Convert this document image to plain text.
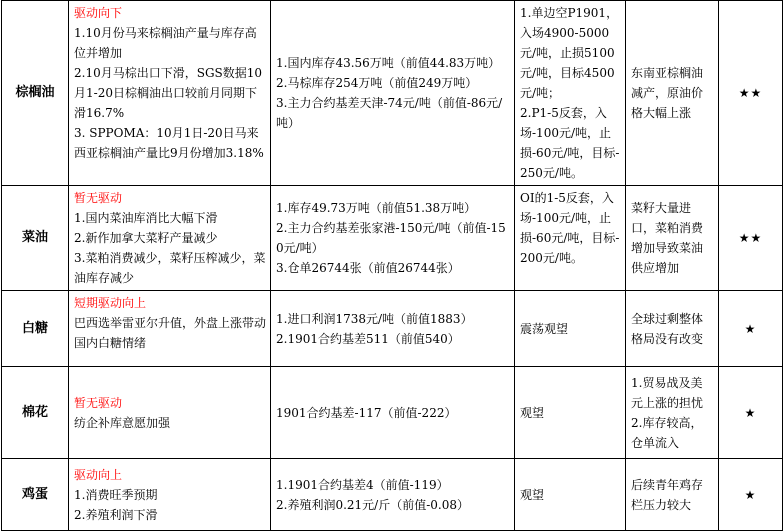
棕榈油	驱动向下
1.10月份马来棕榈油产量与库存高位并增加
2.10月马棕出口下滑，SGS数据10月1-20日棕榈油出口较前月同期下滑16.7%
3. SPPOMA：10月1日-20日马来西亚棕榈油产量比9月份增加3.18%	1.国内库存43.56万吨（前值44.83万吨）
2.马棕库存254万吨（前值249万吨）
3.主力合约基差天津-74元/吨（前值-86元/吨）	1.单边空P1901，入场4900-5000元/吨，止损5100元/吨，目标4500元/吨；
2.P1-5反套，入场-100元/吨，止损-60元/吨，目标-250元/吨。	东南亚棕榈油减产，原油价格大幅上涨	★★
菜油	暂无驱动
1.国内菜油库消比大幅下滑
2.新作加拿大菜籽产量减少
3.菜粕消费减少，菜籽压榨减少，菜油库存减少	1.库存49.73万吨（前值51.38万吨）
2.主力合约基差张家港-150元/吨（前值-150元/吨）
3.仓单26744张（前值26744张）	OI的1-5反套，入场-100元/吨，止损-60元/吨，目标-200元/吨。	菜籽大量进口，菜粕消费增加导致菜油供应增加	★★
白糖	短期驱动向上
巴西选举雷亚尔升值，外盘上涨带动国内白糖情绪	1.进口利润1738元/吨（前值1883）
2.1901合约基差511（前值540）	震荡观望	全球过剩整体格局没有改变	★
棉花	暂无驱动
纺企补库意愿加强	1901合约基差-117（前值-222）	观望	1.贸易战及美元上涨的担忧 2.库存较高，仓单流入	★
鸡蛋	驱动向上
1.消费旺季预期
2.养殖利润下滑	1.1901合约基差4（前值-119）
2.养殖利润0.21元/斤（前值-0.08）	观望	后续青年鸡存栏压力较大	★
